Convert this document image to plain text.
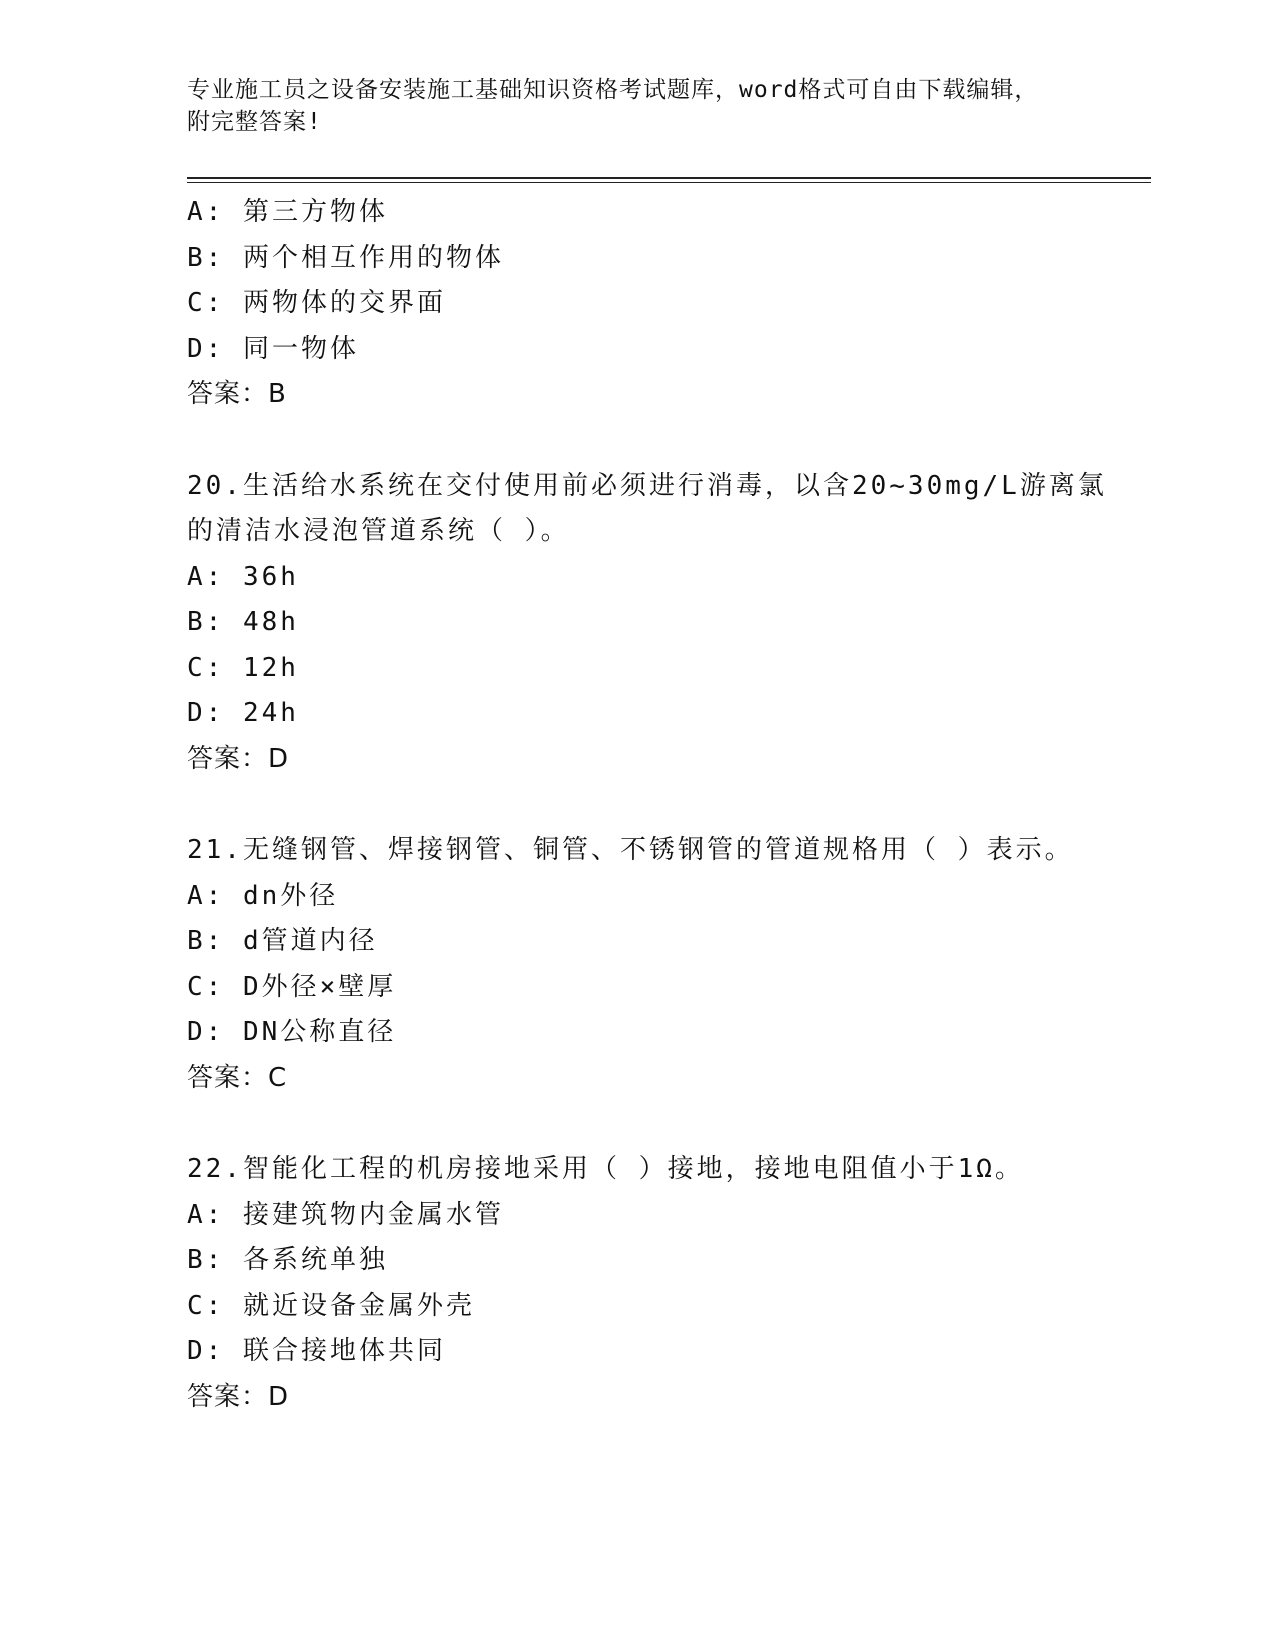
专业施工员之设备安装施工基础知识资格考试题库，word格式可自由下载编辑，
附完整答案!
A: 第三方物体
B: 两个相互作用的物体
C: 两物体的交界面
D: 同一物体
答案：B
20.生活给水系统在交付使用前必须进行消毒，以含20~30mg/L游离氯
的清洁水浸泡管道系统（ ）。
A: 36h
B: 48h
C: 12h
D: 24h
答案：D
21.无缝钢管、焊接钢管、铜管、不锈钢管的管道规格用（ ）表示。
A: dn外径
B: d管道内径
C: D外径×壁厚
D: DN公称直径
答案：C
22.智能化工程的机房接地采用（ ）接地，接地电阻值小于1Ω。
A: 接建筑物内金属水管
B: 各系统单独
C: 就近设备金属外壳
D: 联合接地体共同
答案：D
